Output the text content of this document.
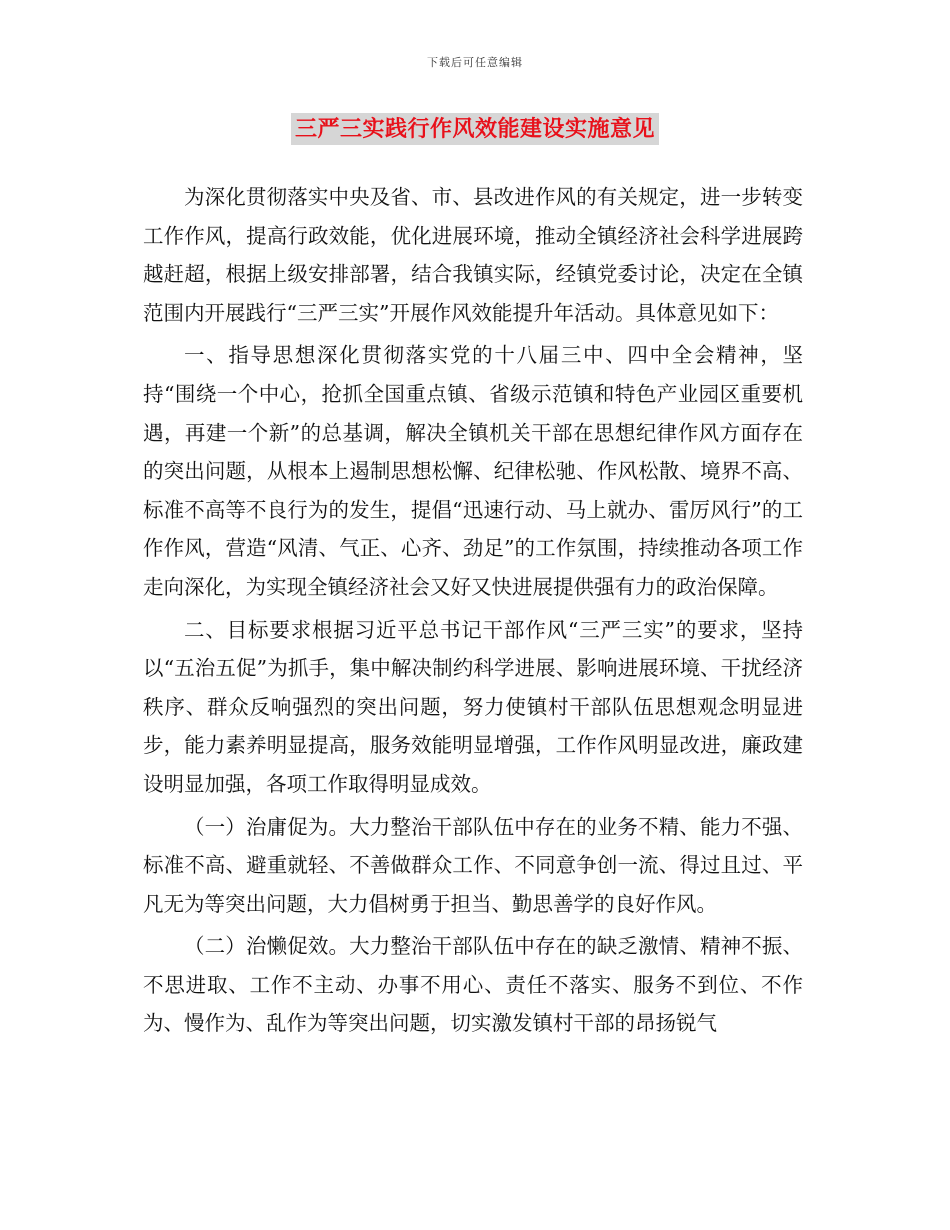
下载后可任意编辑
三严三实践行作风效能建设实施意见

为深化贯彻落实中央及省、市、县改进作风的有关规定，进一步转变工作作风，提高行政效能，优化进展环境，推动全镇经济社会科学进展跨越赶超，根据上级安排部署，结合我镇实际，经镇党委讨论，决定在全镇范围内开展践行“三严三实”开展作风效能提升年活动。具体意见如下：

一、指导思想深化贯彻落实党的十八届三中、四中全会精神，坚持“围绕一个中心，抢抓全国重点镇、省级示范镇和特色产业园区重要机遇，再建一个新”的总基调，解决全镇机关干部在思想纪律作风方面存在的突出问题，从根本上遏制思想松懈、纪律松驰、作风松散、境界不高、标准不高等不良行为的发生，提倡“迅速行动、马上就办、雷厉风行”的工作作风，营造“风清、气正、心齐、劲足”的工作氛围，持续推动各项工作走向深化，为实现全镇经济社会又好又快进展提供强有力的政治保障。

二、目标要求根据习近平总书记干部作风“三严三实”的要求，坚持以“五治五促”为抓手，集中解决制约科学进展、影响进展环境、干扰经济秩序、群众反响强烈的突出问题，努力使镇村干部队伍思想观念明显进步，能力素养明显提高，服务效能明显增强，工作作风明显改进，廉政建设明显加强，各项工作取得明显成效。

（一）治庸促为。大力整治干部队伍中存在的业务不精、能力不强、标准不高、避重就轻、不善做群众工作、不同意争创一流、得过且过、平凡无为等突出问题，大力倡树勇于担当、勤思善学的良好作风。

（二）治懒促效。大力整治干部队伍中存在的缺乏激情、精神不振、不思进取、工作不主动、办事不用心、责任不落实、服务不到位、不作为、慢作为、乱作为等突出问题，切实激发镇村干部的昂扬锐气
